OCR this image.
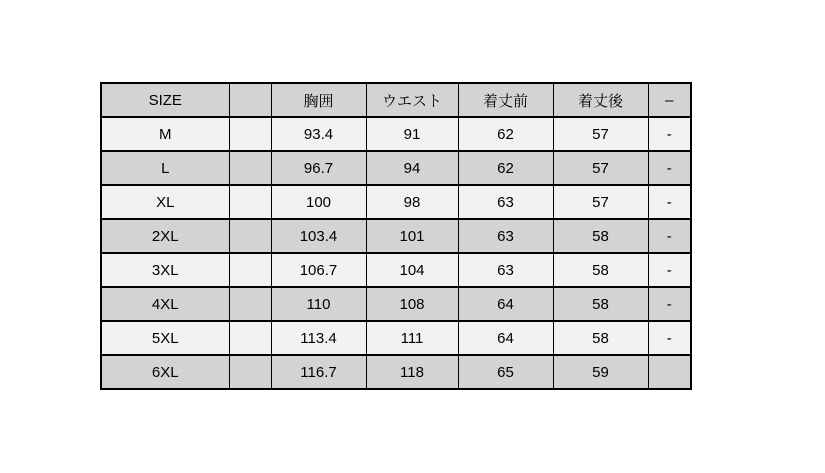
SIZE		胸囲	ウエスト	着丈前	着丈後	–
M		93.4	91	62	57	-
L		96.7	94	62	57	-
XL		100	98	63	57	-
2XL		103.4	101	63	58	-
3XL		106.7	104	63	58	-
4XL		110	108	64	58	-
5XL		113.4	111	64	58	-
6XL		116.7	118	65	59	
